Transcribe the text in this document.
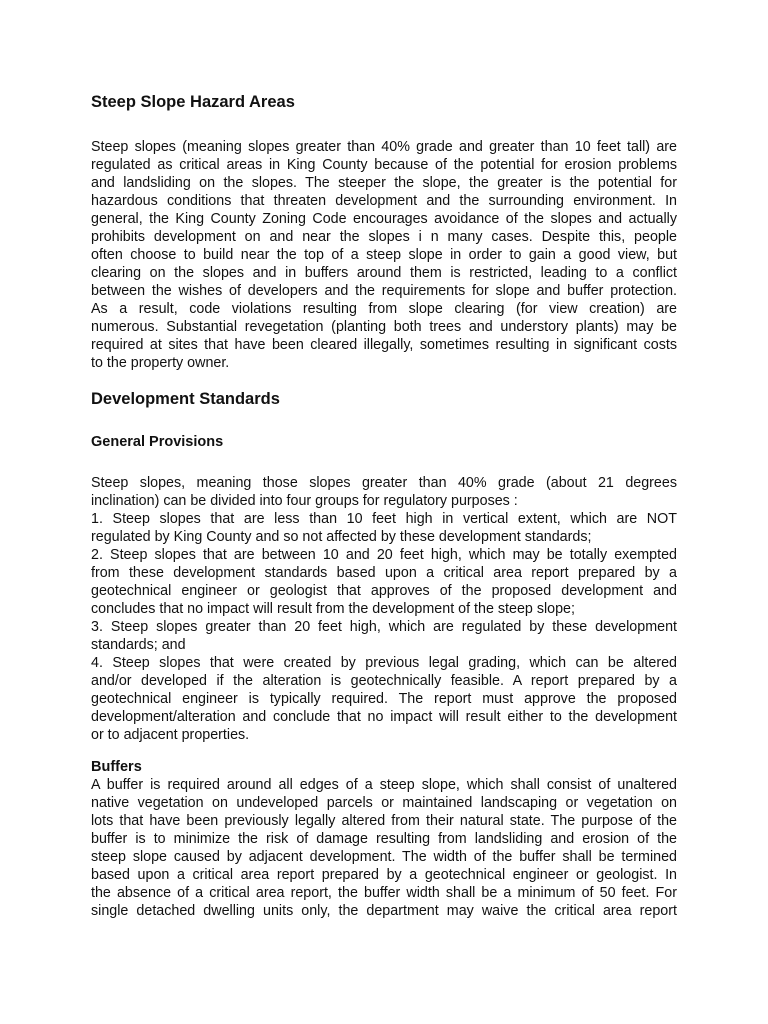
Steep Slope Hazard Areas

Steep slopes (meaning slopes greater than 40% grade and greater than 10 feet tall) are
regulated as critical areas in King County because of the potential for erosion problems
and landsliding on the slopes. The steeper the slope, the greater is the potential for
hazardous conditions that threaten development and the surrounding environment. In
general, the King County Zoning Code encourages avoidance of the slopes and actually
prohibits development on and near the slopes i n many cases. Despite this, people
often choose to build near the top of a steep slope in order to gain a good view, but
clearing on the slopes and in buffers around them is restricted, leading to a conflict
between the wishes of developers and the requirements for slope and buffer protection.
As a result, code violations resulting from slope clearing (for view creation) are
numerous. Substantial revegetation (planting both trees and understory plants) may be
required at sites that have been cleared illegally, sometimes resulting in significant costs
to the property owner.

Development Standards
General Provisions

Steep slopes, meaning those slopes greater than 40% grade (about 21 degrees
inclination) can be divided into four groups for regulatory purposes :
1. Steep slopes that are less than 10 feet high in vertical extent, which are NOT
regulated by King County and so not affected by these development standards;
2. Steep slopes that are between 10 and 20 feet high, which may be totally exempted
from these development standards based upon a critical area report prepared by a
geotechnical engineer or geologist that approves of the proposed development and
concludes that no impact will result from the development of the steep slope;
3. Steep slopes greater than 20 feet high, which are regulated by these development
standards; and
4. Steep slopes that were created by previous legal grading, which can be altered
and/or developed if the alteration is geotechnically feasible. A report prepared by a
geotechnical engineer is typically required. The report must approve the proposed
development/alteration and conclude that no impact will result either to the development
or to adjacent properties.

Buffers

A buffer is required around all edges of a steep slope, which shall consist of unaltered
native vegetation on undeveloped parcels or maintained landscaping or vegetation on
lots that have been previously legally altered from their natural state. The purpose of the
buffer is to minimize the risk of damage resulting from landsliding and erosion of the
steep slope caused by adjacent development. The width of the buffer shall be termined
based upon a critical area report prepared by a geotechnical engineer or geologist. In
the absence of a critical area report, the buffer width shall be a minimum of 50 feet. For
single detached dwelling units only, the department may waive the critical area report
